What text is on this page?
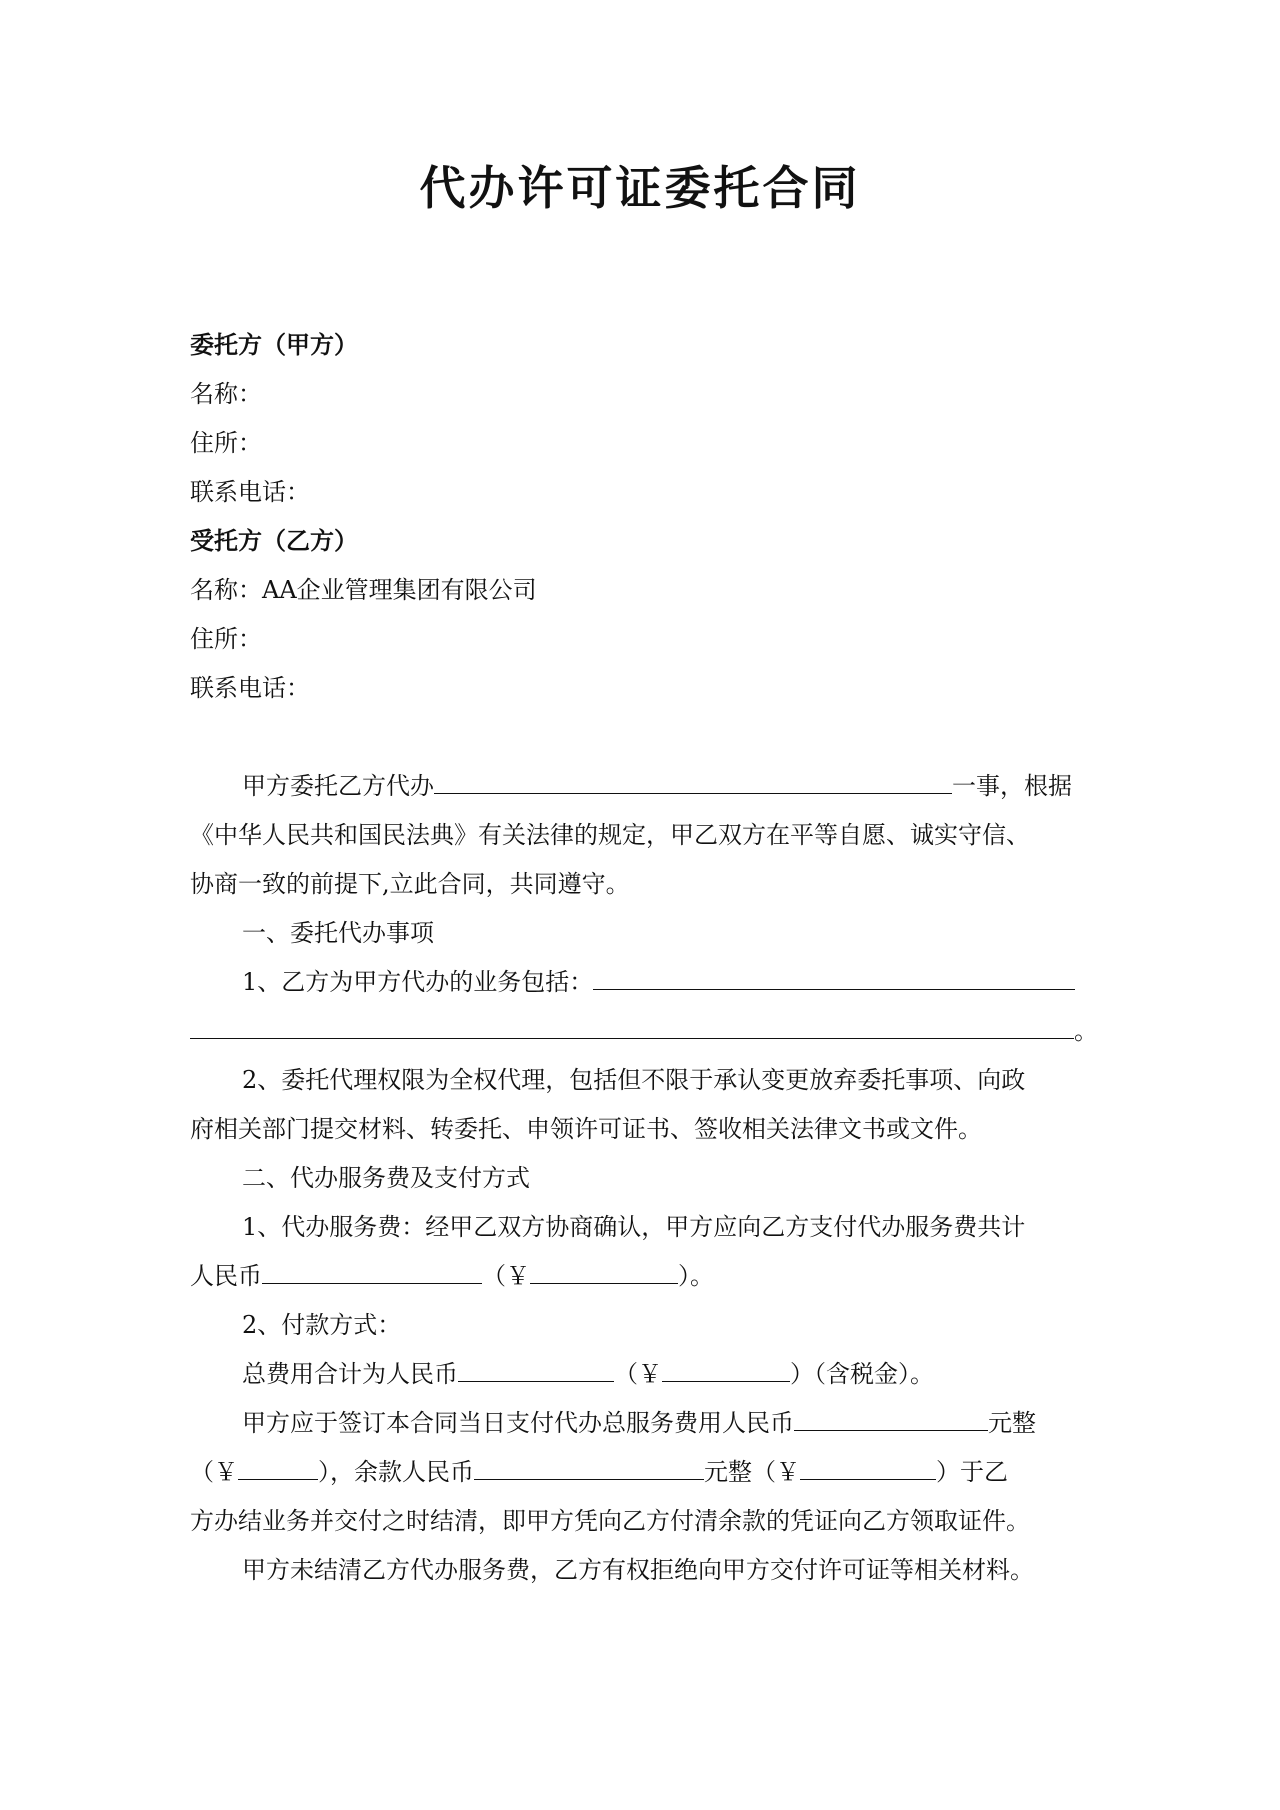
代办许可证委托合同
委托方（甲方）
名称：
住所：
联系电话：
受托方（乙方）
名称：AA企业管理集团有限公司
住所：
联系电话：
甲方委托乙方代办	一事，根据
《中华人民共和国民法典》有关法律的规定，甲乙双方在平等自愿、诚实守信、
协商一致的前提下,立此合同，共同遵守。
一、委托代办事项
1、乙方为甲方代办的业务包括：
。
2、委托代理权限为全权代理，包括但不限于承认变更放弃委托事项、向政
府相关部门提交材料、转委托、申领许可证书、签收相关法律文书或文件。
二、代办服务费及支付方式
1、代办服务费：经甲乙双方协商确认，甲方应向乙方支付代办服务费共计
人民币	（￥	）。
2、付款方式：
总费用合计为人民币	（￥	）（含税金）。
甲方应于签订本合同当日支付代办总服务费用人民币	元整
（￥	），余款人民币	元整（￥	）于乙
方办结业务并交付之时结清，即甲方凭向乙方付清余款的凭证向乙方领取证件。
甲方未结清乙方代办服务费，乙方有权拒绝向甲方交付许可证等相关材料。
